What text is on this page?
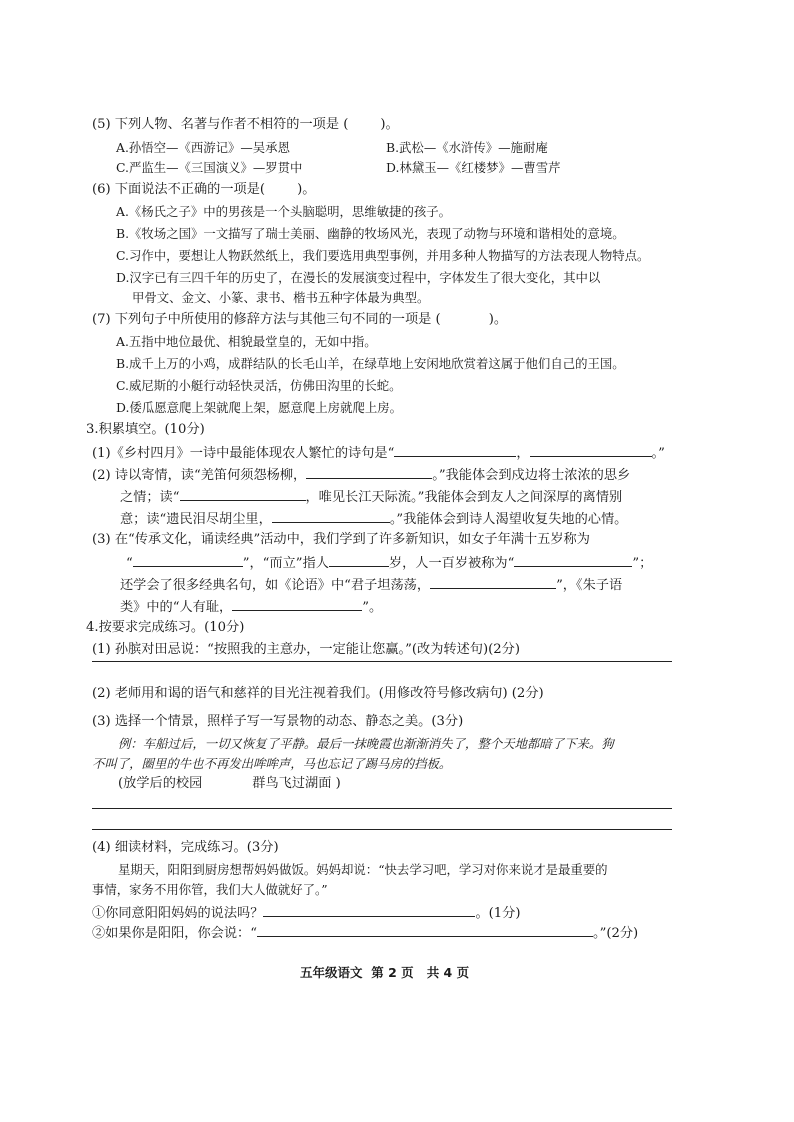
(5) 下列人物、名著与作者不相符的一项是 ( )。
A.孙悟空—《西游记》—吴承恩	B.武松—《水浒传》—施耐庵
C.严监生—《三国演义》—罗贯中	D.林黛玉—《红楼梦》—曹雪芹
(6) 下面说法不正确的一项是( )。
A.《杨氏之子》中的男孩是一个头脑聪明，思维敏捷的孩子。
B.《牧场之国》一文描写了瑞士美丽、幽静的牧场风光，表现了动物与环境和谐相处的意境。
C.习作中，要想让人物跃然纸上，我们要选用典型事例，并用多种人物描写的方法表现人物特点。
D.汉字已有三四千年的历史了，在漫长的发展演变过程中，字体发生了很大变化，其中以
甲骨文、金文、小篆、隶书、楷书五种字体最为典型。
(7) 下列句子中所使用的修辞方法与其他三句不同的一项是 (	)。
A.五指中地位最优、相貌最堂皇的，无如中指。
B.成千上万的小鸡，成群结队的长毛山羊，在绿草地上安闲地欣赏着这属于他们自己的王国。
C.威尼斯的小艇行动轻快灵活，仿佛田沟里的长蛇。
D.倭瓜愿意爬上架就爬上架，愿意爬上房就爬上房。
3.积累填空。(10分)
(1)《乡村四月》一诗中最能体现农人繁忙的诗句是“	，	。”
(2) 诗以寄情，读“羌笛何须怨杨柳，	。”我能体会到戍边将士浓浓的思乡
之情；读“	，唯见长江天际流。”我能体会到友人之间深厚的离情别
意；读“遗民泪尽胡尘里，	。”我能体会到诗人渴望收复失地的心情。
(3) 在“传承文化，诵读经典”活动中，我们学到了许多新知识，如女子年满十五岁称为
“	”，“而立”指人	岁，人一百岁被称为“	”；
还学会了很多经典名句，如《论语》中“君子坦荡荡，	”，《朱子语
类》中的“人有耻，	”。
4.按要求完成练习。(10分)
(1) 孙膑对田忌说：“按照我的主意办，一定能让您赢。”(改为转述句)(2分)
(2) 老师用和谒的语气和慈祥的目光注视着我们。(用修改符号修改病句) (2分)
(3) 选择一个情景，照样子写一写景物的动态、静态之美。(3分)
例：车船过后，一切又恢复了平静。最后一抹晚霞也渐渐消失了，整个天地都暗了下来。狗
不叫了，圈里的牛也不再发出哞哞声，马也忘记了踢马房的挡板。
(放学后的校园	群鸟飞过湖面 )
(4) 细读材料，完成练习。(3分)
星期天，阳阳到厨房想帮妈妈做饭。妈妈却说：“快去学习吧，学习对你来说才是最重要的
事情，家务不用你管，我们大人做就好了。”
①你同意阳阳妈妈的说法吗？	。(1分)
②如果你是阳阳，你会说：“	。”(2分)
五年级语文 第 2 页 共 4 页
